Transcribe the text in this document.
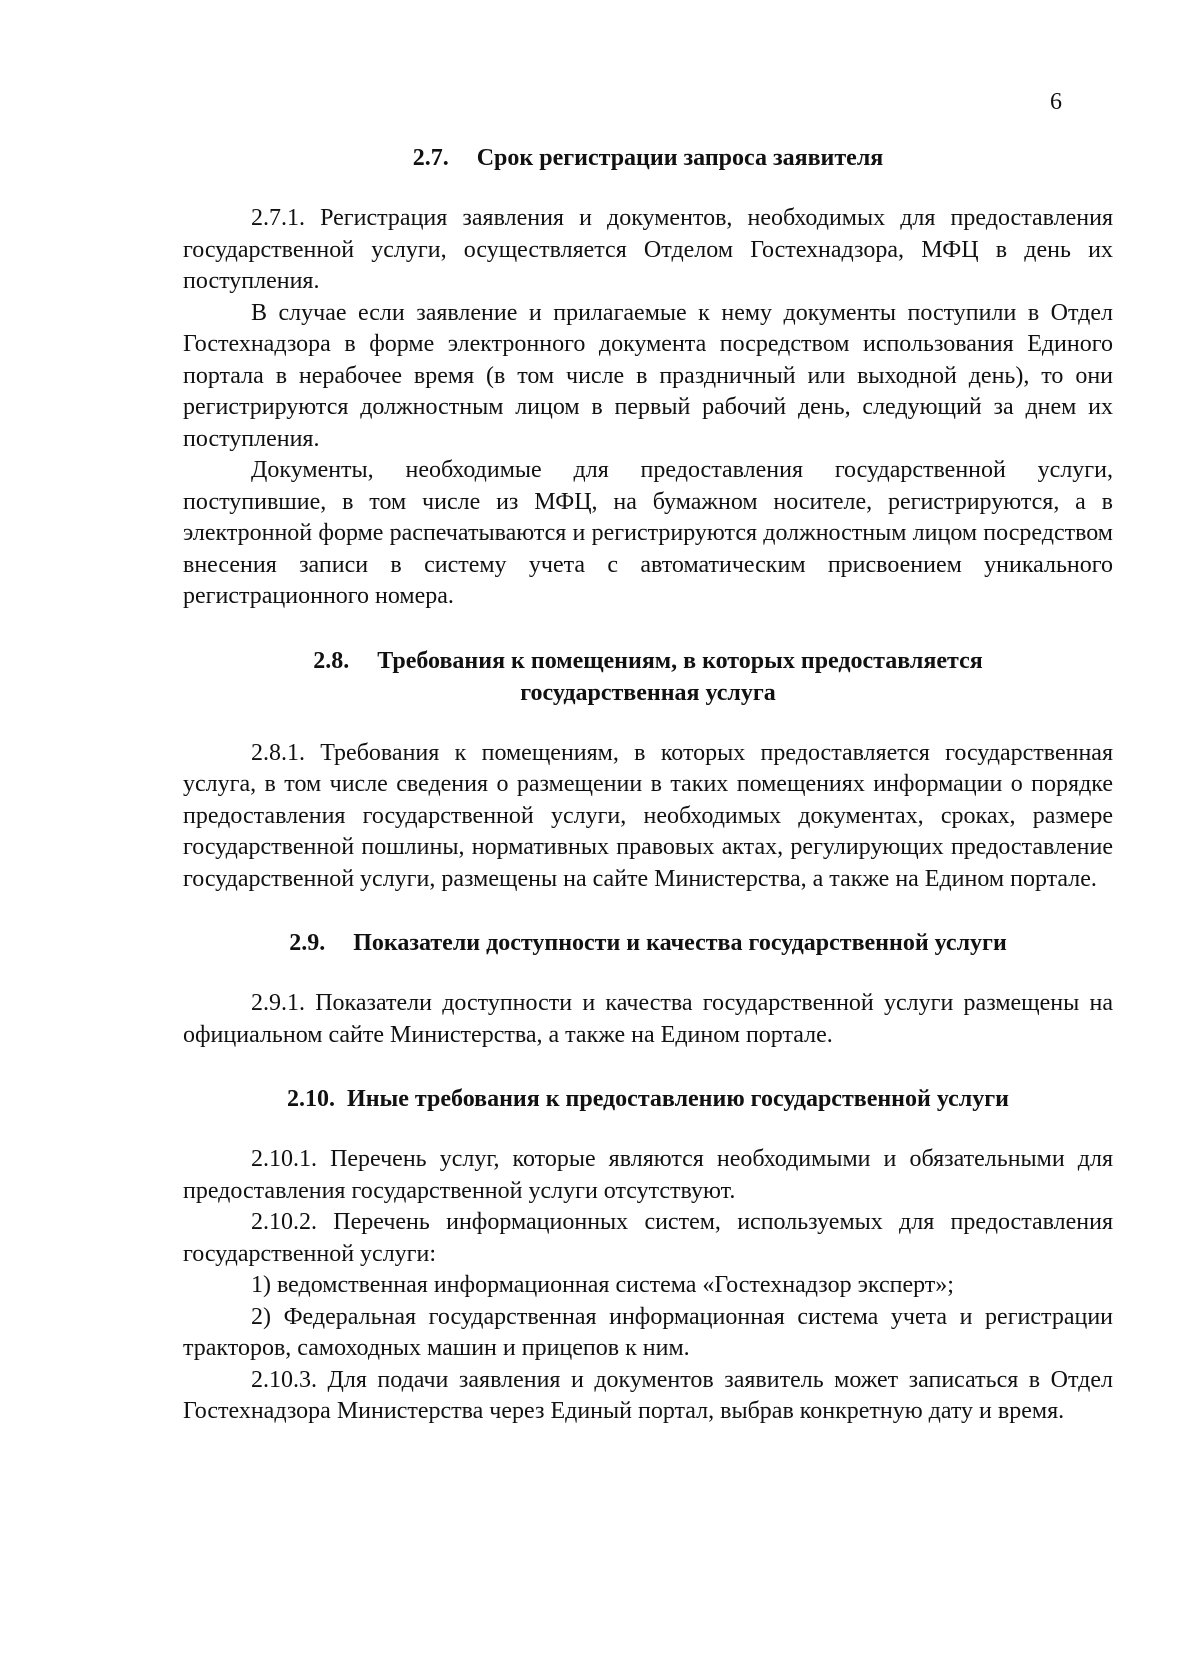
6
2.7. Срок регистрации запроса заявителя

2.7.1. Регистрация заявления и документов, необходимых для предоставления государственной услуги, осуществляется Отделом Гостехнадзора, МФЦ в день их поступления.

В случае если заявление и прилагаемые к нему документы поступили в Отдел Гостехнадзора в форме электронного документа посредством использования Единого портала в нерабочее время (в том числе в праздничный или выходной день), то они регистрируются должностным лицом в первый рабочий день, следующий за днем их поступления.

Документы, необходимые для предоставления государственной услуги, поступившие, в том числе из МФЦ, на бумажном носителе, регистрируются, а в электронной форме распечатываются и регистрируются должностным лицом посредством внесения записи в систему учета с автоматическим присвоением уникального регистрационного номера.

2.8. Требования к помещениям, в которых предоставляется
государственная услуга

2.8.1. Требования к помещениям, в которых предоставляется государственная услуга, в том числе сведения о размещении в таких помещениях информации о порядке предоставления государственной услуги, необходимых документах, сроках, размере государственной пошлины, нормативных правовых актах, регулирующих предоставление государственной услуги, размещены на сайте Министерства, а также на Едином портале.

2.9. Показатели доступности и качества государственной услуги

2.9.1. Показатели доступности и качества государственной услуги размещены на официальном сайте Министерства, а также на Едином портале.

2.10. Иные требования к предоставлению государственной услуги

2.10.1. Перечень услуг, которые являются необходимыми и обязательными для предоставления государственной услуги отсутствуют.

2.10.2. Перечень информационных систем, используемых для предоставления государственной услуги:

1) ведомственная информационная система «Гостехнадзор эксперт»;

2) Федеральная государственная информационная система учета и регистрации тракторов, самоходных машин и прицепов к ним.

2.10.3. Для подачи заявления и документов заявитель может записаться в Отдел Гостехнадзора Министерства через Единый портал, выбрав конкретную дату и время.
